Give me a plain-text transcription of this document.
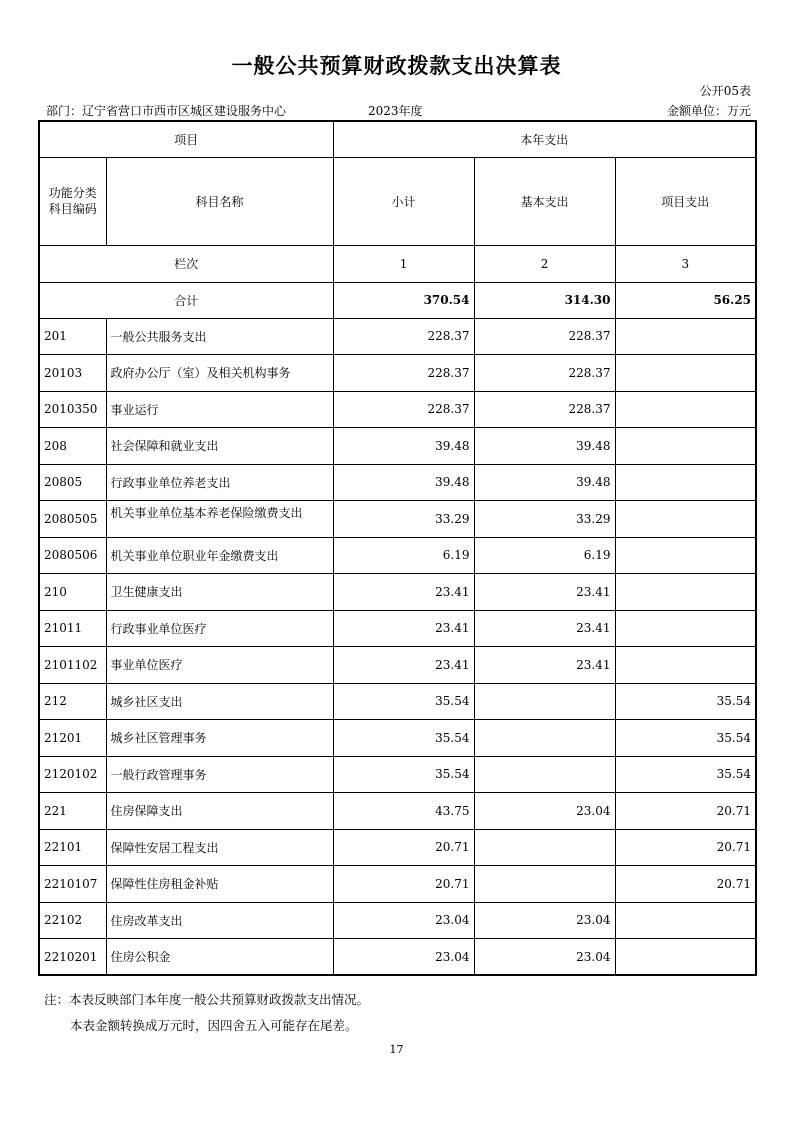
一般公共预算财政拨款支出决算表
公开05表
部门：辽宁省营口市西市区城区建设服务中心	2023年度	金额单位：万元
项目		本年支出		
功能分类科目编码	科目名称	小计	基本支出	项目支出
栏次		1	2	3
合计		370.54	314.30	56.25
201	一般公共服务支出	228.37	228.37	
20103	政府办公厅（室）及相关机构事务	228.37	228.37	
2010350	事业运行	228.37	228.37	
208	社会保障和就业支出	39.48	39.48	
20805	行政事业单位养老支出	39.48	39.48	
2080505	机关事业单位基本养老保险缴费支出	33.29	33.29	
2080506	机关事业单位职业年金缴费支出	6.19	6.19	
210	卫生健康支出	23.41	23.41	
21011	行政事业单位医疗	23.41	23.41	
2101102	事业单位医疗	23.41	23.41	
212	城乡社区支出	35.54		35.54
21201	城乡社区管理事务	35.54		35.54
2120102	一般行政管理事务	35.54		35.54
221	住房保障支出	43.75	23.04	20.71
22101	保障性安居工程支出	20.71		20.71
2210107	保障性住房租金补贴	20.71		20.71
22102	住房改革支出	23.04	23.04	
2210201	住房公积金	23.04	23.04	
注：本表反映部门本年度一般公共预算财政拨款支出情况。
本表金额转换成万元时，因四舍五入可能存在尾差。
17
